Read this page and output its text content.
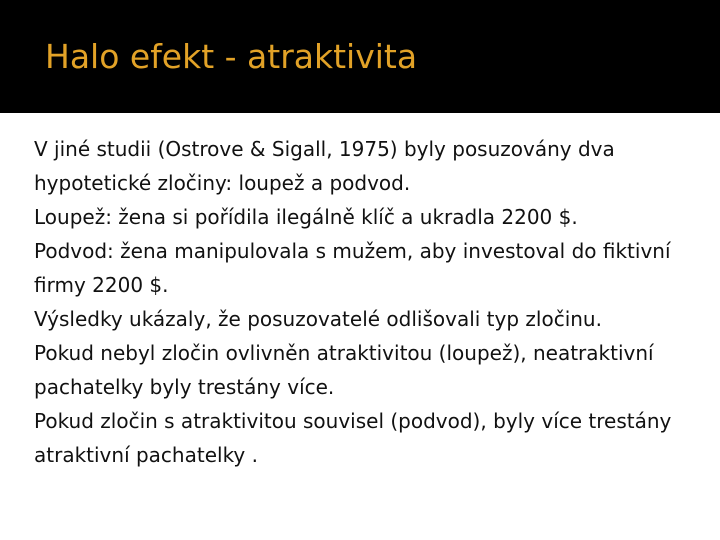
Halo efekt - atraktivita

V jiné studii (Ostrove & Sigall, 1975) byly posuzovány dva hypotetické zločiny: loupež a podvod.

Loupež: žena si pořídila ilegálně klíč a ukradla 2200 $.

Podvod: žena manipulovala s mužem, aby investoval do fiktivní firmy 2200 $.

Výsledky ukázaly, že posuzovatelé odlišovali typ zločinu.

Pokud nebyl zločin ovlivněn atraktivitou (loupež), neatraktivní pachatelky byly trestány více.

Pokud zločin s atraktivitou souvisel (podvod), byly více trestány atraktivní pachatelky .
